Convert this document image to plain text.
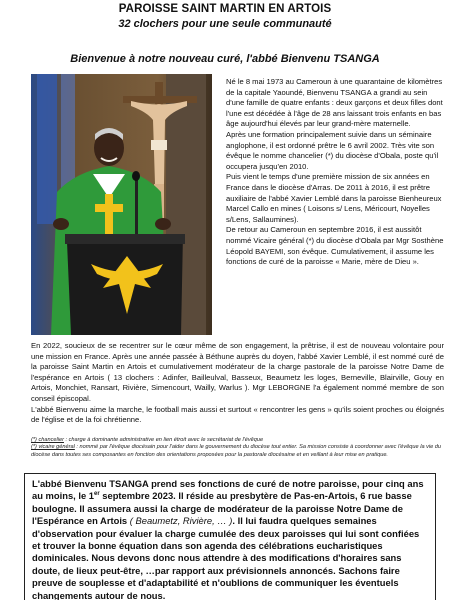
PAROISSE SAINT MARTIN EN ARTOIS
32 clochers pour une seule communauté
Bienvenue à notre nouveau curé, l'abbé Bienvenu TSANGA

Né le 8 mai 1973 au Cameroun à une quarantaine de kilomètres de la capitale Yaoundé, Bienvenu TSANGA a grandi au sein d'une famille de quatre enfants : deux garçons et deux filles dont l'une est décédée à l'âge de 28 ans laissant trois enfants en bas âge aujourd'hui élevés par leur grand-mère maternelle.

Après une formation principalement suivie dans un séminaire anglophone, il est ordonné prêtre le 6 avril 2002. Très vite son évêque le nomme chancelier (*) du diocèse d'Obala, poste qu'il occupera jusqu'en 2010.

Puis vient le temps d'une première mission de six années en France dans le diocèse d'Arras. De 2011 à 2016, il est prêtre auxiliaire de l'abbé Xavier Lemblé dans la paroisse Bienheureux Marcel Callo en mines ( Loisons s/ Lens, Méricourt, Noyelles s/Lens, Sallaumines).

De retour au Cameroun en septembre 2016, il est aussitôt nommé Vicaire général (*) du diocèse d'Obala par Mgr Sosthène Léopold BAYEMI, son évêque. Cumulativement, il assume les fonctions de curé de la paroisse « Marie, mère de Dieu ».

En 2022, soucieux de se recentrer sur le cœur même de son engagement, la prêtrise, il est de nouveau volontaire pour une mission en France. Après une année passée à Béthune auprès du doyen, l'abbé Xavier Lemblé, il est nommé curé de la paroisse Saint Martin en Artois et cumulativement modérateur de la charge pastorale de la paroisse Notre Dame de l'espérance en Artois ( 13 clochers : Adinfer, Bailleulval, Basseux, Beaumetz les loges, Berneville, Blairville, Gouy en Artois, Monchiet, Ransart, Rivière, Simencourt, Wailly, Warlus ). Mgr LEBORGNE l'a également nommé membre de son conseil épiscopal.

L'abbé Bienvenu aime la marche, le football mais aussi et surtout « rencontrer les gens » qu'ils soient proches ou éloignés de l'église et de la foi chrétienne.

(*) chancelier : charge à dominante administrative en lien étroit avec le secrétariat de l'évêque

(*) vicaire général : nommé par l'évêque diocésain pour l'aider dans le gouvernement du diocèse tout entier. Sa mission consiste à coordonner avec l'évêque la vie du diocèse dans toutes ses composantes en fonction des orientations proposées pour la pastorale diocésaine et en veillant à leur mise en pratique.

L'abbé Bienvenu TSANGA prend ses fonctions de curé de notre paroisse, pour cinq ans au moins, le 1er septembre 2023. Il réside au presbytère de Pas-en-Artois, 6 rue basse boulogne. Il assumera aussi la charge de modérateur de la paroisse Notre Dame de l'Espérance en Artois ( Beaumetz, Rivière, … ). Il lui faudra quelques semaines d'observation pour évaluer la charge cumulée des deux paroisses qui lui sont confiées et trouver la bonne équation dans son agenda des célébrations eucharistiques dominicales. Nous devons donc nous attendre à des modifications d'horaires sans doute, de lieux peut-être, …par rapport aux prévisionnels annoncés. Sachons faire preuve de souplesse et d'adaptabilité et n'oublions de communiquer les éventuels changements autour de nous.
